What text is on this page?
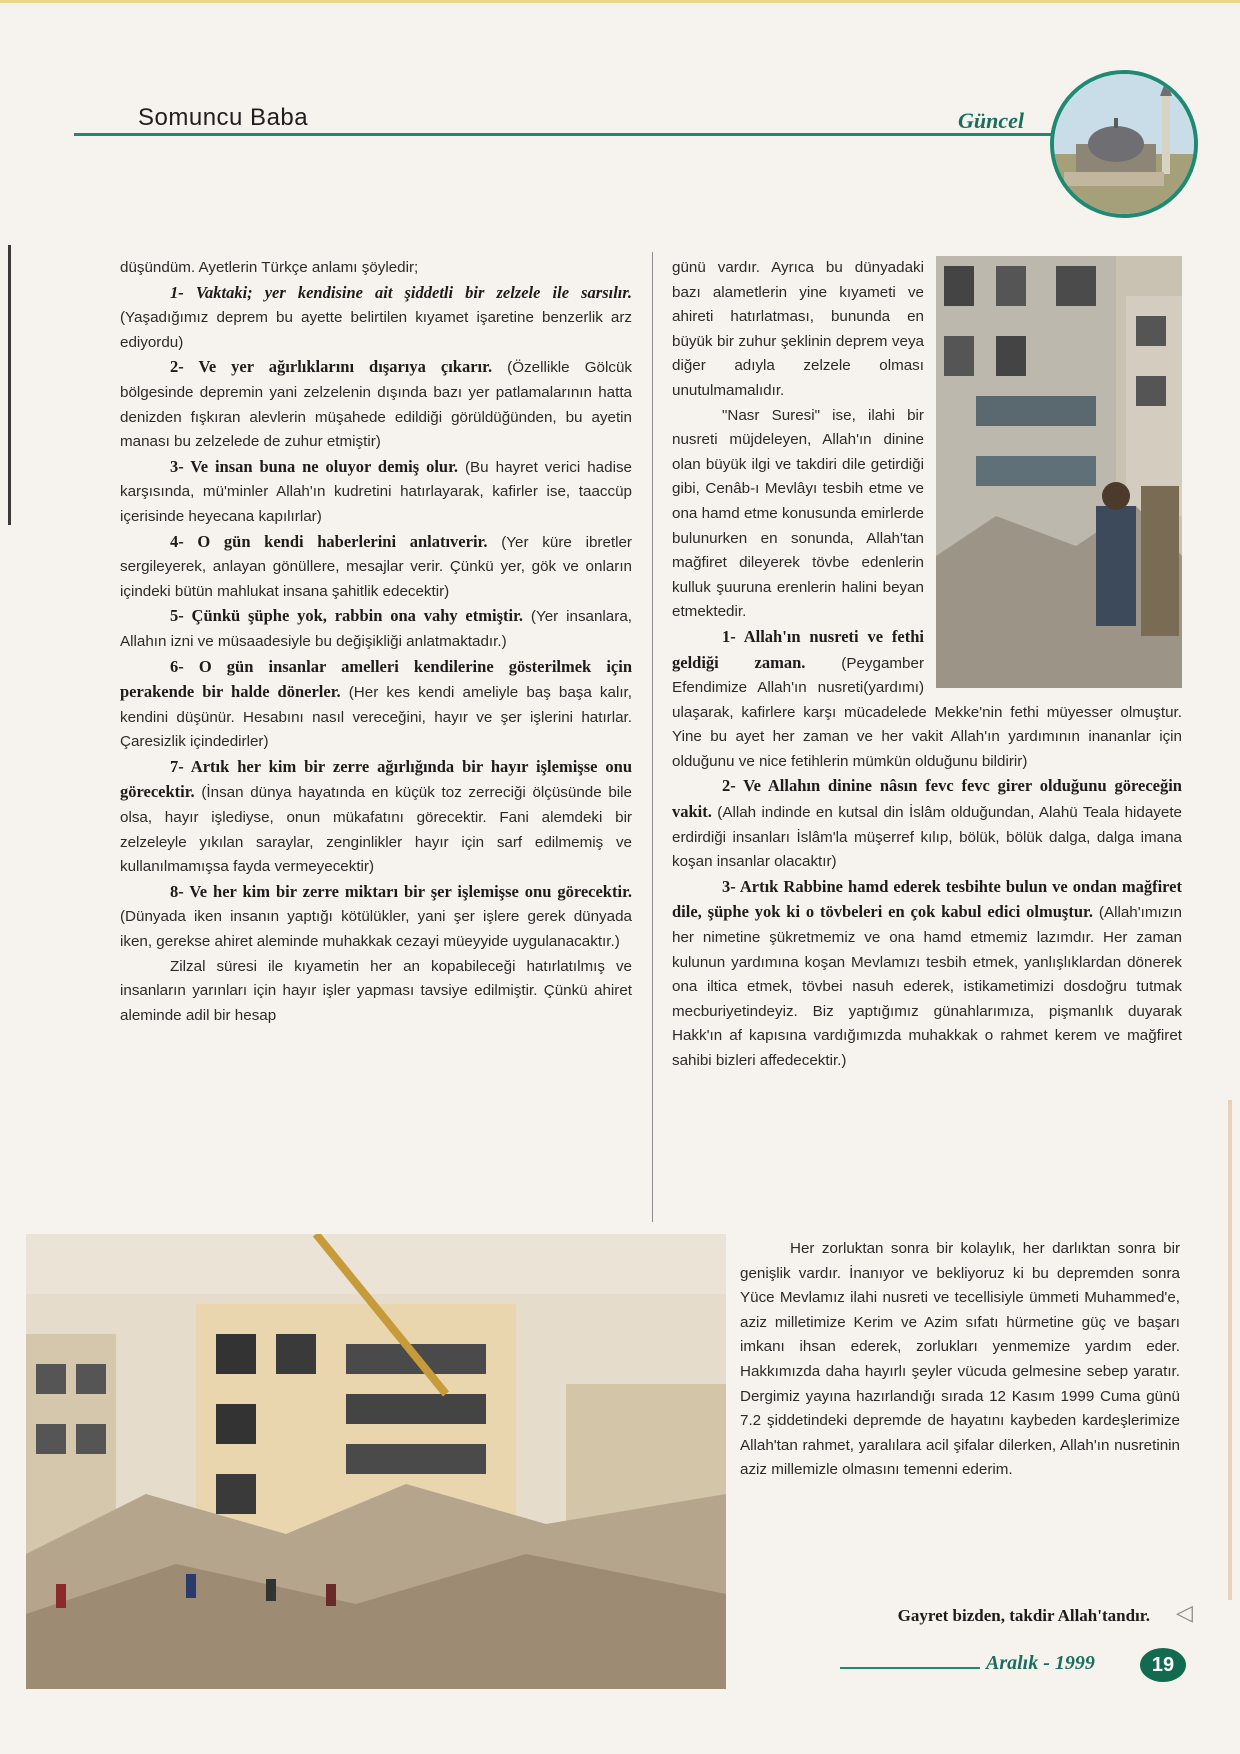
Somuncu Baba	Güncel

düşündüm. Ayetlerin Türkçe anlamı şöyledir;

1- Vaktaki; yer kendisine ait şiddetli bir zelzele ile sarsılır. (Yaşadığımız deprem bu ayette belirtilen kıyamet işaretine benzerlik arz ediyordu)

2- Ve yer ağırlıklarını dışarıya çıkarır. (Özellikle Gölcük bölgesinde depremin yani zelzelenin dışında bazı yer patlamalarının hatta denizden fışkıran alevlerin müşahede edildiği görüldüğünden, bu ayetin manası bu zelzelede de zuhur etmiştir)

3- Ve insan buna ne oluyor demiş olur. (Bu hayret verici hadise karşısında, mü'minler Allah'ın kudretini hatırlayarak, kafirler ise, taaccüp içerisinde heyecana kapılırlar)

4- O gün kendi haberlerini anlatıverir. (Yer küre ibretler sergileyerek, anlayan gönüllere, mesajlar verir. Çünkü yer, gök ve onların içindeki bütün mahlukat insana şahitlik edecektir)

5- Çünkü şüphe yok, rabbin ona vahy etmiştir. (Yer insanlara, Allahın izni ve müsaadesiyle bu değişikliği anlatmaktadır.)

6- O gün insanlar amelleri kendilerine gösterilmek için perakende bir halde dönerler. (Her kes kendi ameliyle baş başa kalır, kendini düşünür. Hesabını nasıl vereceğini, hayır ve şer işlerini hatırlar. Çaresizlik içindedirler)

7- Artık her kim bir zerre ağırlığında bir hayır işlemişse onu görecektir. (İnsan dünya hayatında en küçük toz zerreciği ölçüsünde bile olsa, hayır işlediyse, onun mükafatını görecektir. Fani alemdeki bir zelzeleyle yıkılan saraylar, zenginlikler hayır için sarf edilmemiş ve kullanılmamışsa fayda vermeyecektir)

8- Ve her kim bir zerre miktarı bir şer işlemişse onu görecektir. (Dünyada iken insanın yaptığı kötülükler, yani şer işlere gerek dünyada iken, gerekse ahiret aleminde muhakkak cezayi müeyyide uygulanacaktır.)

Zilzal süresi ile kıyametin her an kopabileceği hatırlatılmış ve insanların yarınları için hayır işler yapması tavsiye edilmiştir. Çünkü ahiret aleminde adil bir hesap

günü vardır. Ayrıca bu dünyadaki bazı alametlerin yine kıyameti ve ahireti hatırlatması, bununda en büyük bir zuhur şeklinin deprem veya diğer adıyla zelzele olması unutulmamalıdır.

"Nasr Suresi" ise, ilahi bir nusreti müjdeleyen, Allah'ın dinine olan büyük ilgi ve takdiri dile getirdiği gibi, Cenâb-ı Mevlâyı tesbih etme ve ona hamd etme konusunda emirlerde bulunurken en sonunda, Allah'tan mağfiret dileyerek tövbe edenlerin kulluk şuuruna erenlerin halini beyan etmektedir.

1- Allah'ın nusreti ve fethi geldiği zaman. (Peygamber Efendimize Allah'ın nusreti(yardımı) ulaşarak, kafirlere karşı mücadelede Mekke'nin fethi müyesser olmuştur. Yine bu ayet her zaman ve her vakit Allah'ın yardımının inananlar için olduğunu ve nice fetihlerin mümkün olduğunu bildirir)

2- Ve Allahın dinine nâsın fevc fevc girer olduğunu göreceğin vakit. (Allah indinde en kutsal din İslâm olduğundan, Alahü Teala hidayete erdirdiği insanları İslâm'la müşerref kılıp, bölük, bölük dalga, dalga imana koşan insanlar olacaktır)

3- Artık Rabbine hamd ederek tesbihte bulun ve ondan mağfiret dile, şüphe yok ki o tövbeleri en çok kabul edici olmuştur. (Allah'ımızın her nimetine şükretmemiz ve ona hamd etmemiz lazımdır. Her zaman kulunun yardımına koşan Mevlamızı tesbih etmek, yanlışlıklardan dönerek ona iltica etmek, tövbei nasuh ederek, istikametimizi dosdoğru tutmak mecburiyetindeyiz. Biz yaptığımız günahlarımıza, pişmanlık duyarak Hakk'ın af kapısına vardığımızda muhakkak o rahmet kerem ve mağfiret sahibi bizleri affedecektir.)

Her zorluktan sonra bir kolaylık, her darlıktan sonra bir genişlik vardır. İnanıyor ve bekliyoruz ki bu depremden sonra Yüce Mevlamız ilahi nusreti ve tecellisiyle ümmeti Muhammed'e, aziz milletimize Kerim ve Azim sıfatı hürmetine güç ve başarı imkanı ihsan ederek, zorlukları yenmemize yardım eder. Hakkımızda daha hayırlı şeyler vücuda gelmesine sebep yaratır. Dergimiz yayına hazırlandığı sırada 12 Kasım 1999 Cuma günü 7.2 şiddetindeki depremde de hayatını kaybeden kardeşlerimize Allah'tan rahmet, yaralılara acil şifalar dilerken, Allah'ın nusretinin aziz millemizle olmasını temenni ederim.

Gayret bizden, takdir Allah'tandır. ◁
Aralık - 1999	19
